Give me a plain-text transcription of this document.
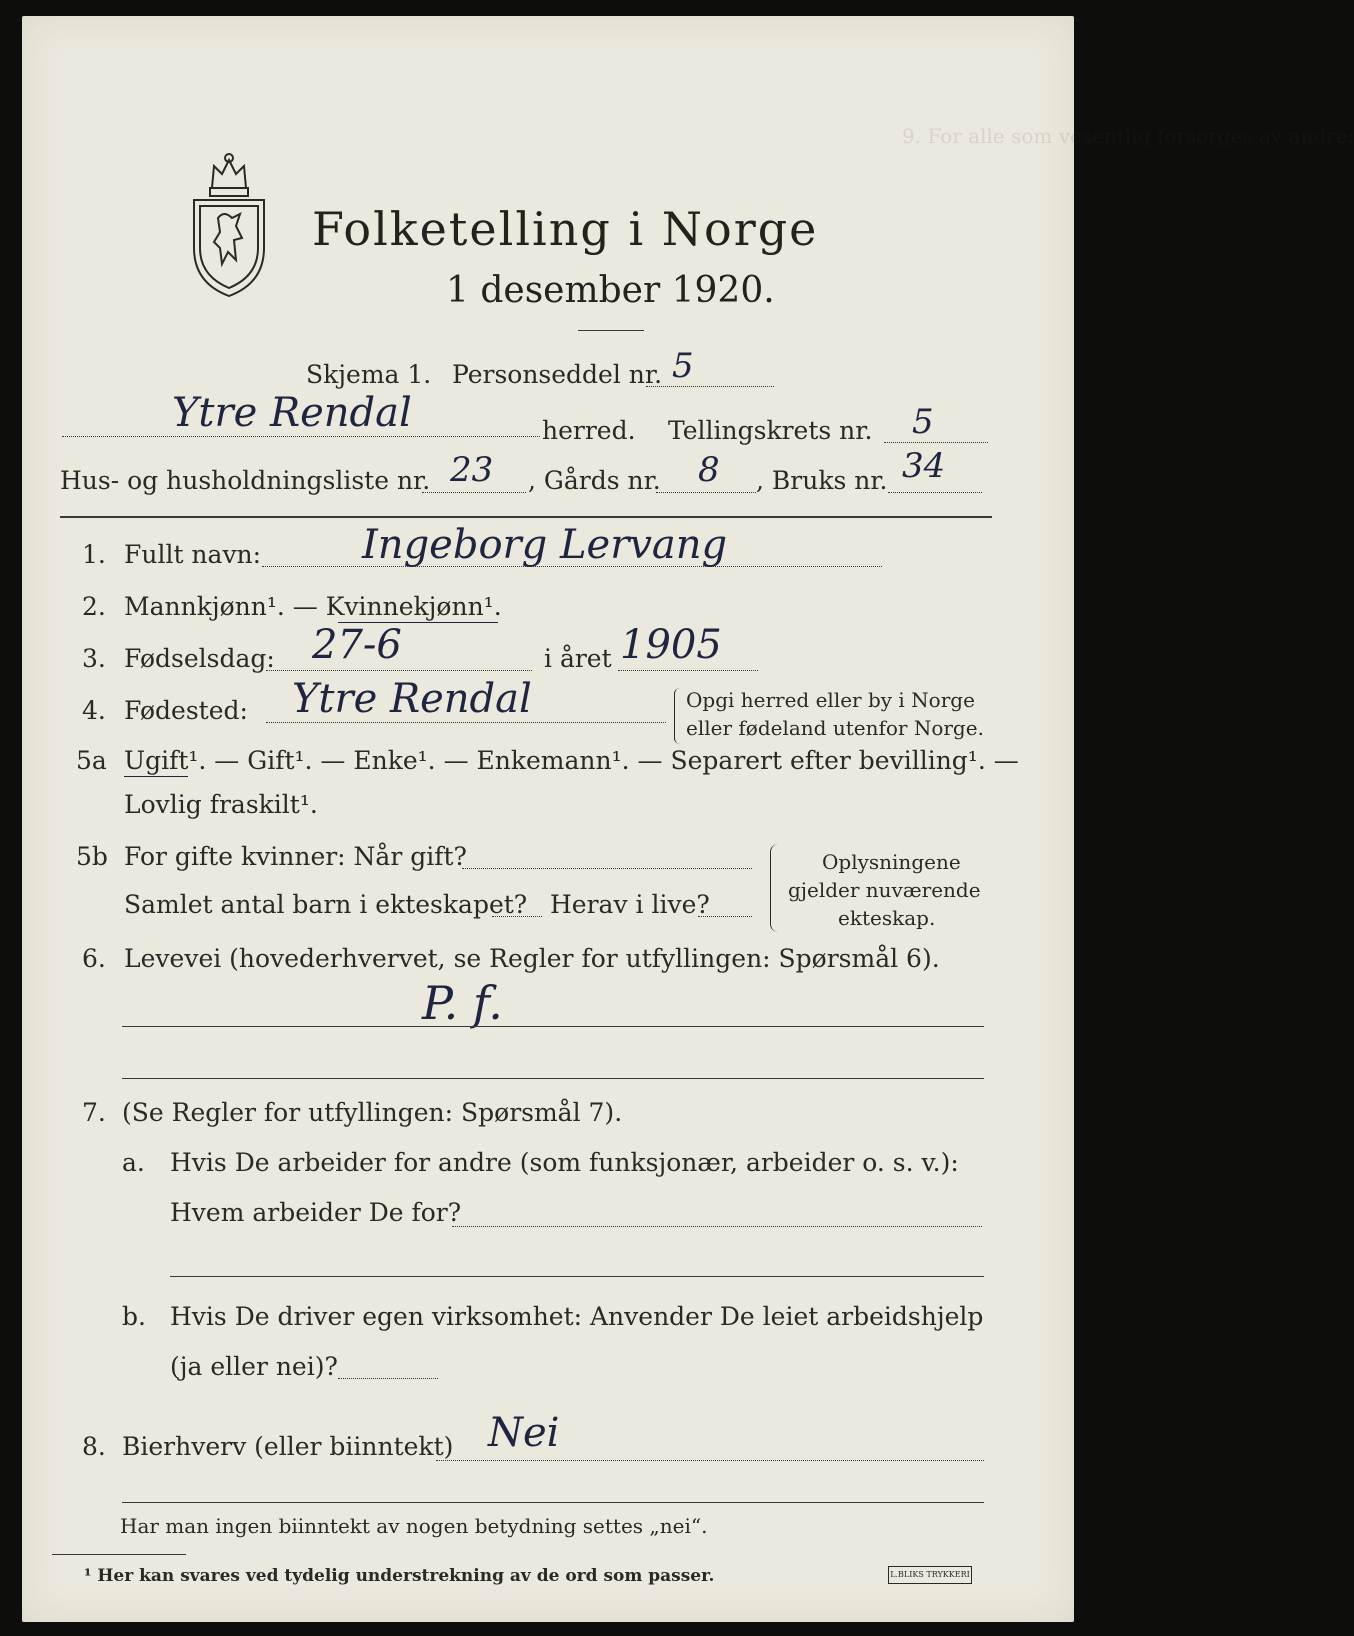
9. For alle som vesentlig forsørges av andre:
Folketelling i Norge
1 desember 1920.
Skjema 1. Personseddel nr. 5
Ytre Rendal	herred. Tellingskrets nr. 5
Hus- og husholdningsliste nr. 23 , Gårds nr. 8 , Bruks nr. 34
1. Fullt navn:	Ingeborg Lervang
2. Mannkjønn¹. — Kvinnekjønn¹.
3. Fødselsdag: 27-6	i året 1905
4. Fødested: Ytre Rendal	Opgi herred eller by i Norge
eller fødeland utenfor Norge.
5a Ugift¹. — Gift¹. — Enke¹. — Enkemann¹. — Separert efter bevilling¹. —
Lovlig fraskilt¹.
5b For gifte kvinner: Når gift?
Samlet antal barn i ekteskapet? Herav i live?
Oplysningene
gjelder nuværende
ekteskap.
6. Levevei (hovederhvervet, se Regler for utfyllingen: Spørsmål 6).
P. f.
7. (Se Regler for utfyllingen: Spørsmål 7).
a. Hvis De arbeider for andre (som funksjonær, arbeider o. s. v.):
Hvem arbeider De for?
b. Hvis De driver egen virksomhet: Anvender De leiet arbeidshjelp
(ja eller nei)?
8. Bierhverv (eller biinntekt) Nei
Har man ingen biinntekt av nogen betydning settes „nei“.
¹ Her kan svares ved tydelig understrekning av de ord som passer.	L.BLIKS TRYKKERI
